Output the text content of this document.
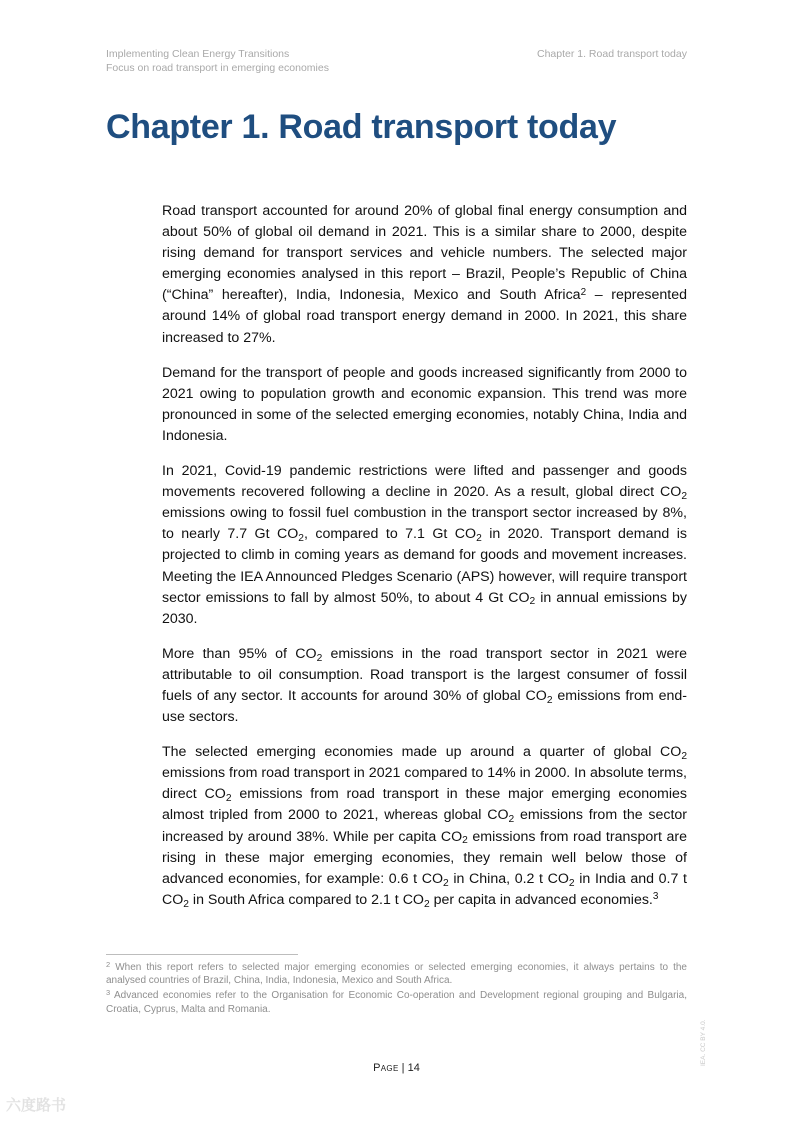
Implementing Clean Energy Transitions
Focus on road transport in emerging economies
Chapter 1. Road transport today
Chapter 1. Road transport today

Road transport accounted for around 20% of global final energy consumption and about 50% of global oil demand in 2021. This is a similar share to 2000, despite rising demand for transport services and vehicle numbers. The selected major emerging economies analysed in this report – Brazil, People’s Republic of China (“China” hereafter), India, Indonesia, Mexico and South Africa$^2$ – represented around 14% of global road transport energy demand in 2000. In 2021, this share increased to 27%.

Demand for the transport of people and goods increased significantly from 2000 to 2021 owing to population growth and economic expansion. This trend was more pronounced in some of the selected emerging economies, notably China, India and Indonesia.

In 2021, Covid-19 pandemic restrictions were lifted and passenger and goods movements recovered following a decline in 2020. As a result, global direct $CO_2$ emissions owing to fossil fuel combustion in the transport sector increased by 8%, to nearly 7.7 Gt $CO_2$, compared to 7.1 Gt $CO_2$ in 2020. Transport demand is projected to climb in coming years as demand for goods and movement increases. Meeting the IEA Announced Pledges Scenario (APS) however, will require transport sector emissions to fall by almost 50%, to about 4 Gt $CO_2$ in annual emissions by 2030.

More than 95% of $CO_2$ emissions in the road transport sector in 2021 were attributable to oil consumption. Road transport is the largest consumer of fossil fuels of any sector. It accounts for around 30% of global $CO_2$ emissions from end-use sectors.

The selected emerging economies made up around a quarter of global $CO_2$ emissions from road transport in 2021 compared to 14% in 2000. In absolute terms, direct $CO_2$ emissions from road transport in these major emerging economies almost tripled from 2000 to 2021, whereas global $CO_2$ emissions from the sector increased by around 38%. While per capita $CO_2$ emissions from road transport are rising in these major emerging economies, they remain well below those of advanced economies, for example: 0.6 t $CO_2$ in China, 0.2 t $CO_2$ in India and 0.7 t $CO_2$ in South Africa compared to 2.1 t $CO_2$ per capita in advanced economies.$^3$

$^2$ When this report refers to selected major emerging economies or selected emerging economies, it always pertains to the analysed countries of Brazil, China, India, Indonesia, Mexico and South Africa.

$^3$ Advanced economies refer to the Organisation for Economic Co-operation and Development regional grouping and Bulgaria, Croatia, Cyprus, Malta and Romania.

Page | 14
IEA. CC BY 4.0.
六度路书
